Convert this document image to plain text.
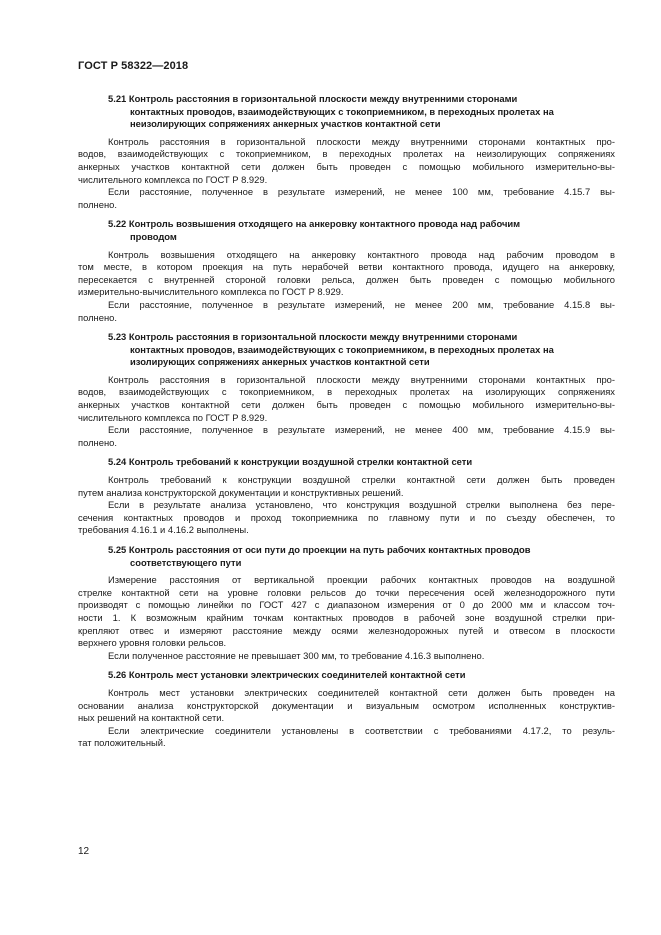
ГОСТ Р 58322—2018
5.21 Контроль расстояния в горизонтальной плоскости между внутренними сторонами
контактных проводов, взаимодействующих с токоприемником, в переходных пролетах на
неизолирующих сопряжениях анкерных участков контактной сети
Контроль расстояния в горизонтальной плоскости между внутренними сторонами контактных про-
водов, взаимодействующих с токоприемником, в переходных пролетах на неизолирующих сопряжениях
анкерных участков контактной сети должен быть проведен с помощью мобильного измерительно-вы-
числительного комплекса по ГОСТ Р 8.929.
Если расстояние, полученное в результате измерений, не менее 100 мм, требование 4.15.7 вы-
полнено.
5.22 Контроль возвышения отходящего на анкеровку контактного провода над рабочим
проводом
Контроль возвышения отходящего на анкеровку контактного провода над рабочим проводом в
том месте, в котором проекция на путь нерабочей ветви контактного провода, идущего на анкеровку,
пересекается с внутренней стороной головки рельса, должен быть проведен с помощью мобильного
измерительно-вычислительного комплекса по ГОСТ Р 8.929.
Если расстояние, полученное в результате измерений, не менее 200 мм, требование 4.15.8 вы-
полнено.
5.23 Контроль расстояния в горизонтальной плоскости между внутренними сторонами
контактных проводов, взаимодействующих с токоприемником, в переходных пролетах на
изолирующих сопряжениях анкерных участков контактной сети
Контроль расстояния в горизонтальной плоскости между внутренними сторонами контактных про-
водов, взаимодействующих с токоприемником, в переходных пролетах на изолирующих сопряжениях
анкерных участков контактной сети должен быть проведен с помощью мобильного измерительно-вы-
числительного комплекса по ГОСТ Р 8.929.
Если расстояние, полученное в результате измерений, не менее 400 мм, требование 4.15.9 вы-
полнено.
5.24 Контроль требований к конструкции воздушной стрелки контактной сети
Контроль требований к конструкции воздушной стрелки контактной сети должен быть проведен
путем анализа конструкторской документации и конструктивных решений.
Если в результате анализа установлено, что конструкция воздушной стрелки выполнена без пере-
сечения контактных проводов и проход токоприемника по главному пути и по съезду обеспечен, то
требования 4.16.1 и 4.16.2 выполнены.
5.25 Контроль расстояния от оси пути до проекции на путь рабочих контактных проводов
соответствующего пути
Измерение расстояния от вертикальной проекции рабочих контактных проводов на воздушной
стрелке контактной сети на уровне головки рельсов до точки пересечения осей железнодорожного пути
производят с помощью линейки по ГОСТ 427 с диапазоном измерения от 0 до 2000 мм и классом точ-
ности 1. К возможным крайним точкам контактных проводов в рабочей зоне воздушной стрелки при-
крепляют отвес и измеряют расстояние между осями железнодорожных путей и отвесом в плоскости
верхнего уровня головки рельсов.
Если полученное расстояние не превышает 300 мм, то требование 4.16.3 выполнено.
5.26 Контроль мест установки электрических соединителей контактной сети
Контроль мест установки электрических соединителей контактной сети должен быть проведен на
основании анализа конструкторской документации и визуальным осмотром исполненных конструктив-
ных решений на контактной сети.
Если электрические соединители установлены в соответствии с требованиями 4.17.2, то резуль-
тат положительный.
12
